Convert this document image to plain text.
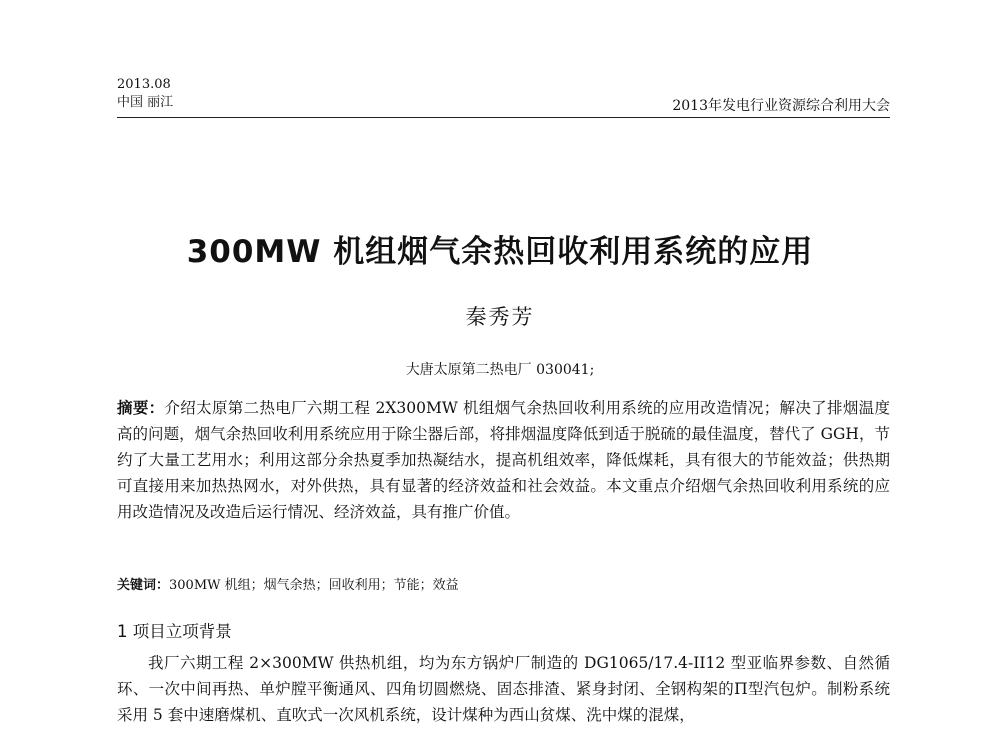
2013.08
中国 丽江	2013年发电行业资源综合利用大会
300MW 机组烟气余热回收利用系统的应用
秦秀芳
大唐太原第二热电厂 030041;
摘要：介绍太原第二热电厂六期工程 2X300MW 机组烟气余热回收利用系统的应用改造情况；解决了排烟温度高的问题，烟气余热回收利用系统应用于除尘器后部，将排烟温度降低到适于脱硫的最佳温度，替代了 GGH，节约了大量工艺用水；利用这部分余热夏季加热凝结水，提高机组效率，降低煤耗，具有很大的节能效益；供热期可直接用来加热热网水，对外供热，具有显著的经济效益和社会效益。本文重点介绍烟气余热回收利用系统的应用改造情况及改造后运行情况、经济效益，具有推广价值。
关键词：300MW 机组；烟气余热；回收利用；节能；效益
1 项目立项背景
我厂六期工程 2×300MW 供热机组，均为东方锅炉厂制造的 DG1065/17.4-II12 型亚临界参数、自然循环、一次中间再热、单炉膛平衡通风、四角切圆燃烧、固态排渣、紧身封闭、全钢构架的Π型汽包炉。制粉系统采用 5 套中速磨煤机、直吹式一次风机系统，设计煤种为西山贫煤、洗中煤的混煤，
